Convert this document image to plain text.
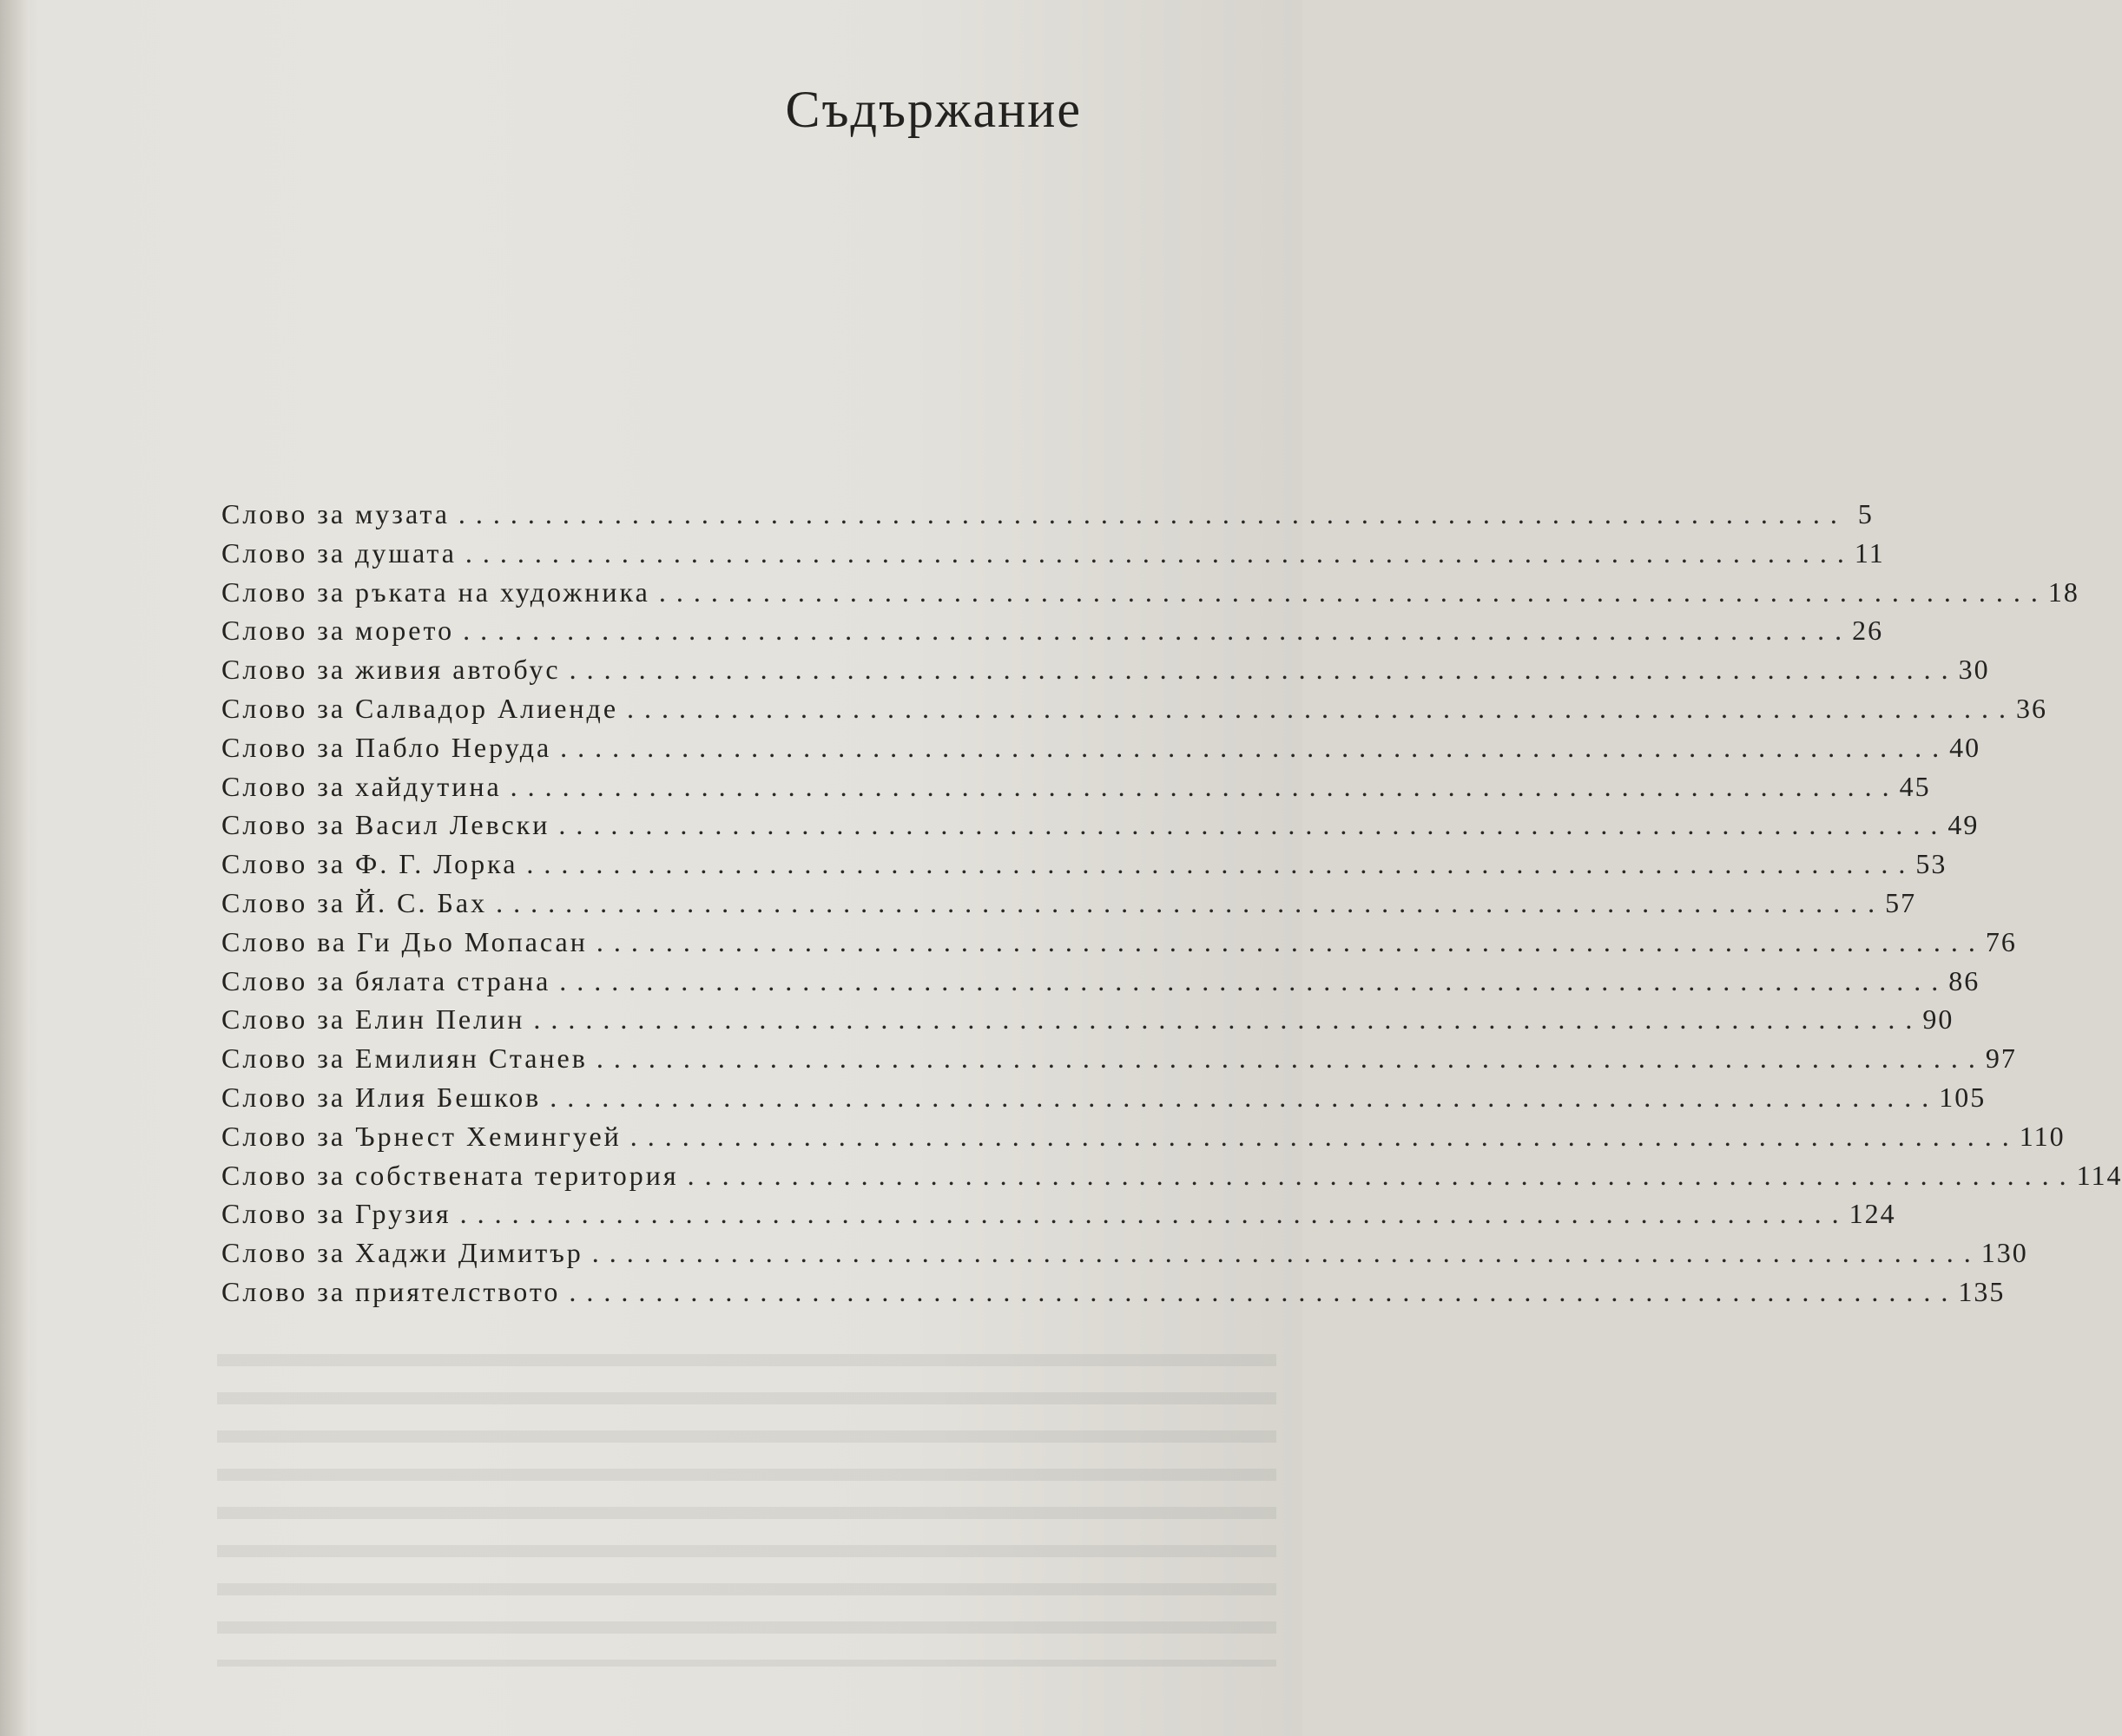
Съдържание
Слово за музата ................................................................................ 5
Слово за душата ................................................................................ 11
Слово за ръката на художника ................................................................................ 18
Слово за морето ................................................................................ 26
Слово за живия автобус ................................................................................ 30
Слово за Салвадор Алиенде ................................................................................ 36
Слово за Пабло Неруда ................................................................................ 40
Слово за хайдутина ................................................................................ 45
Слово за Васил Левски ................................................................................ 49
Слово за Ф. Г. Лорка ................................................................................ 53
Слово за Й. С. Бах ................................................................................ 57
Слово ва Ги Дьо Мопасан ................................................................................ 76
Слово за бялата страна ................................................................................ 86
Слово за Елин Пелин ................................................................................ 90
Слово за Емилиян Станев ................................................................................ 97
Слово за Илия Бешков ................................................................................ 105
Слово за Ърнест Хемингуей ................................................................................ 110
Слово за собствената територия ................................................................................ 114
Слово за Грузия ................................................................................ 124
Слово за Хаджи Димитър ................................................................................ 130
Слово за приятелството ................................................................................ 135
